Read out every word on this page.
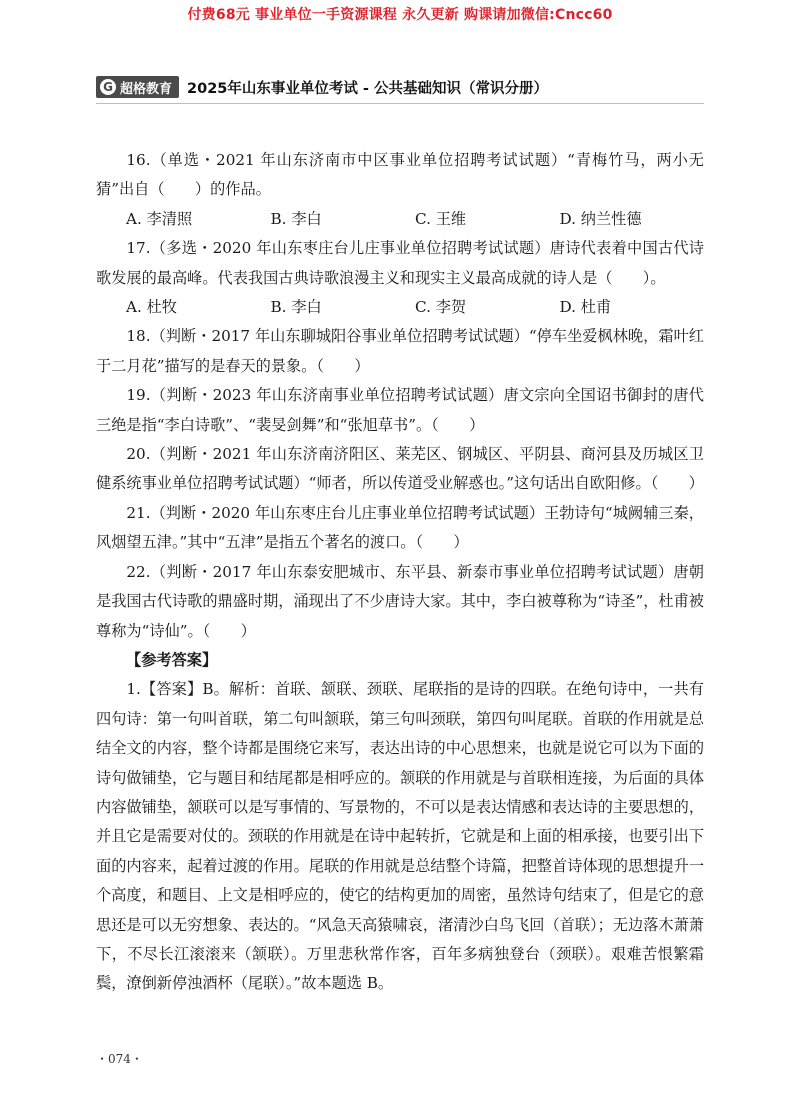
付费68元 事业单位一手资源课程 永久更新 购课请加微信:Cncc60
G 超格教育 2025年山东事业单位考试 - 公共基础知识（常识分册）

16.（单选・2021 年山东济南市中区事业单位招聘考试试题）“青梅竹马，两小无猜”出自（　　）的作品。

A. 李清照	B. 李白	C. 王维	D. 纳兰性德

17.（多选・2020 年山东枣庄台儿庄事业单位招聘考试试题）唐诗代表着中国古代诗歌发展的最高峰。代表我国古典诗歌浪漫主义和现实主义最高成就的诗人是（　　）。

A. 杜牧	B. 李白	C. 李贺	D. 杜甫

18.（判断・2017 年山东聊城阳谷事业单位招聘考试试题）“停车坐爱枫林晚，霜叶红于二月花”描写的是春天的景象。（　　）

19.（判断・2023 年山东济南事业单位招聘考试试题）唐文宗向全国诏书御封的唐代三绝是指“李白诗歌”、“裴旻剑舞”和“张旭草书”。（　　）

20.（判断・2021 年山东济南济阳区、莱芜区、钢城区、平阴县、商河县及历城区卫健系统事业单位招聘考试试题）“师者，所以传道受业解惑也。”这句话出自欧阳修。（　　）

21.（判断・2020 年山东枣庄台儿庄事业单位招聘考试试题）王勃诗句“城阙辅三秦，风烟望五津。”其中“五津”是指五个著名的渡口。（　　）

22.（判断・2017 年山东泰安肥城市、东平县、新泰市事业单位招聘考试试题）唐朝是我国古代诗歌的鼎盛时期，涌现出了不少唐诗大家。其中，李白被尊称为“诗圣”，杜甫被尊称为“诗仙”。（　　）

【参考答案】

1.【答案】B。解析：首联、颔联、颈联、尾联指的是诗的四联。在绝句诗中，一共有四句诗：第一句叫首联，第二句叫颔联，第三句叫颈联，第四句叫尾联。首联的作用就是总结全文的内容，整个诗都是围绕它来写，表达出诗的中心思想来，也就是说它可以为下面的诗句做铺垫，它与题目和结尾都是相呼应的。颔联的作用就是与首联相连接，为后面的具体内容做铺垫，颔联可以是写事情的、写景物的，不可以是表达情感和表达诗的主要思想的，并且它是需要对仗的。颈联的作用就是在诗中起转折，它就是和上面的相承接，也要引出下面的内容来，起着过渡的作用。尾联的作用就是总结整个诗篇，把整首诗体现的思想提升一个高度，和题目、上文是相呼应的，使它的结构更加的周密，虽然诗句结束了，但是它的意思还是可以无穷想象、表达的。“风急天高猿啸哀，渚清沙白鸟飞回（首联）；无边落木萧萧下，不尽长江滚滚来（颔联）。万里悲秋常作客，百年多病独登台（颈联）。艰难苦恨繁霜鬓，潦倒新停浊酒杯（尾联）。”故本题选 B。

・074・
